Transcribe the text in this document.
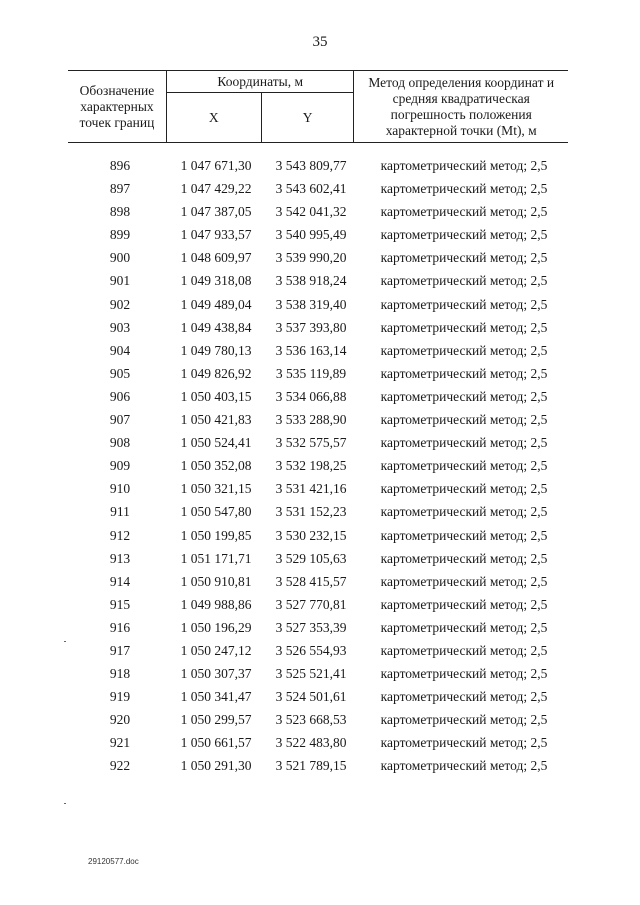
35
Обозначение характерных точек границ	Координаты, м		Метод определения координат и средняя квадратическая погрешность положения характерной точки (Mt), м
	X	Y	
896	1 047 671,30	3 543 809,77	картометрический метод; 2,5
897	1 047 429,22	3 543 602,41	картометрический метод; 2,5
898	1 047 387,05	3 542 041,32	картометрический метод; 2,5
899	1 047 933,57	3 540 995,49	картометрический метод; 2,5
900	1 048 609,97	3 539 990,20	картометрический метод; 2,5
901	1 049 318,08	3 538 918,24	картометрический метод; 2,5
902	1 049 489,04	3 538 319,40	картометрический метод; 2,5
903	1 049 438,84	3 537 393,80	картометрический метод; 2,5
904	1 049 780,13	3 536 163,14	картометрический метод; 2,5
905	1 049 826,92	3 535 119,89	картометрический метод; 2,5
906	1 050 403,15	3 534 066,88	картометрический метод; 2,5
907	1 050 421,83	3 533 288,90	картометрический метод; 2,5
908	1 050 524,41	3 532 575,57	картометрический метод; 2,5
909	1 050 352,08	3 532 198,25	картометрический метод; 2,5
910	1 050 321,15	3 531 421,16	картометрический метод; 2,5
911	1 050 547,80	3 531 152,23	картометрический метод; 2,5
912	1 050 199,85	3 530 232,15	картометрический метод; 2,5
913	1 051 171,71	3 529 105,63	картометрический метод; 2,5
914	1 050 910,81	3 528 415,57	картометрический метод; 2,5
915	1 049 988,86	3 527 770,81	картометрический метод; 2,5
916	1 050 196,29	3 527 353,39	картометрический метод; 2,5
917	1 050 247,12	3 526 554,93	картометрический метод; 2,5
918	1 050 307,37	3 525 521,41	картометрический метод; 2,5
919	1 050 341,47	3 524 501,61	картометрический метод; 2,5
920	1 050 299,57	3 523 668,53	картометрический метод; 2,5
921	1 050 661,57	3 522 483,80	картометрический метод; 2,5
922	1 050 291,30	3 521 789,15	картометрический метод; 2,5
29120577.doc
